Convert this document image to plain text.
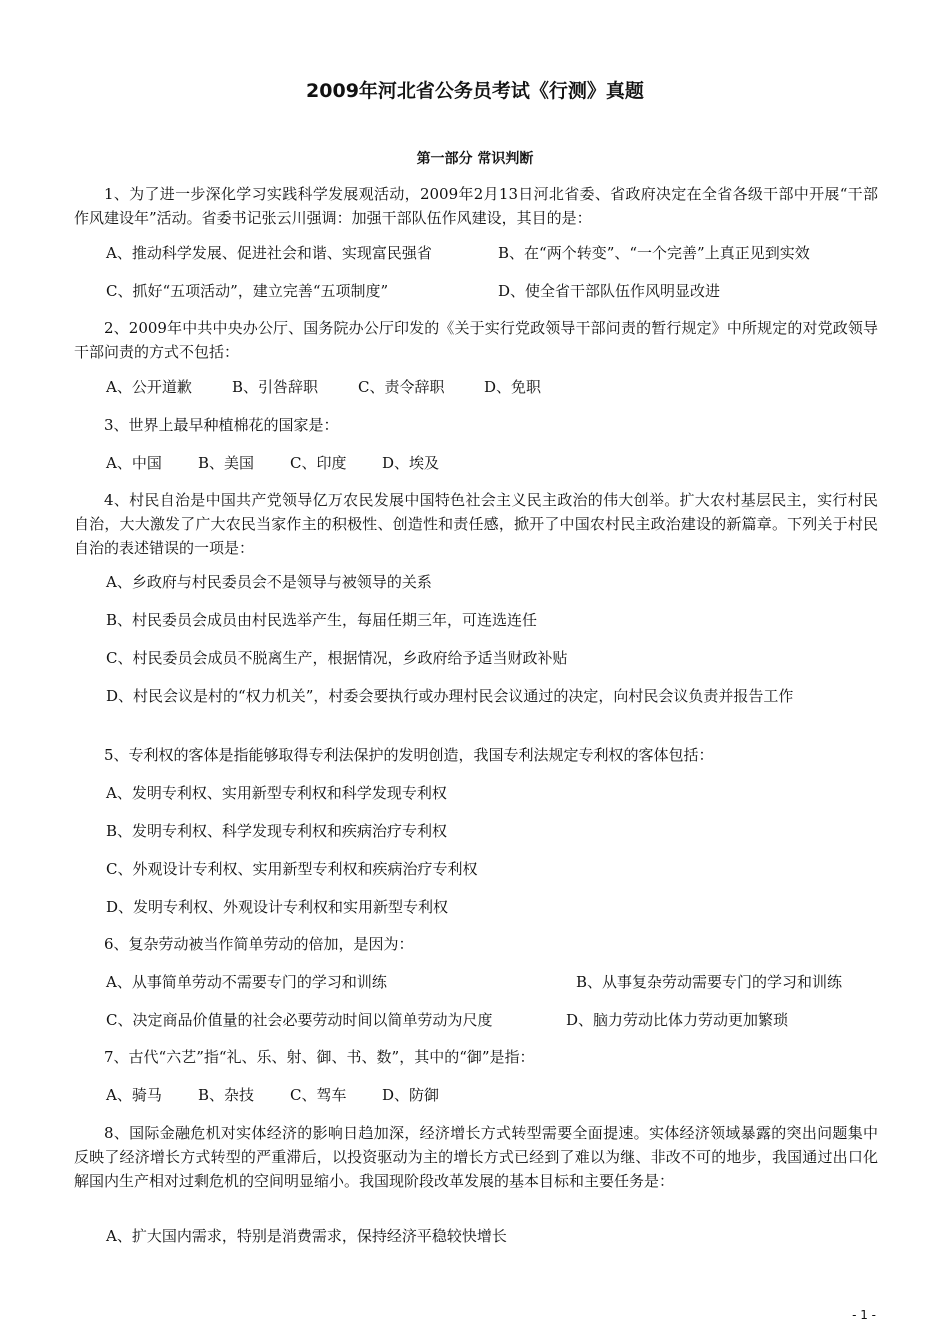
2009年河北省公务员考试《行测》真题
第一部分 常识判断
1、为了进一步深化学习实践科学发展观活动，2009年2月13日河北省委、省政府决定在全省各级干部中开展“干部作风建设年”活动。省委书记张云川强调：加强干部队伍作风建设，其目的是：
A、推动科学发展、促进社会和谐、实现富民强省	B、在“两个转变”、“一个完善”上真正见到实效
C、抓好“五项活动”，建立完善“五项制度”	D、使全省干部队伍作风明显改进
2、2009年中共中央办公厅、国务院办公厅印发的《关于实行党政领导干部问责的暂行规定》中所规定的对党政领导干部问责的方式不包括：
A、公开道歉	B、引咎辞职	C、责令辞职	D、免职
3、世界上最早种植棉花的国家是：
A、中国 B、美国 C、印度 D、埃及
4、村民自治是中国共产党领导亿万农民发展中国特色社会主义民主政治的伟大创举。扩大农村基层民主，实行村民自治，大大激发了广大农民当家作主的积极性、创造性和责任感，掀开了中国农村民主政治建设的新篇章。下列关于村民自治的表述错误的一项是：
A、乡政府与村民委员会不是领导与被领导的关系
B、村民委员会成员由村民选举产生，每届任期三年，可连选连任
C、村民委员会成员不脱离生产，根据情况，乡政府给予适当财政补贴
D、村民会议是村的“权力机关”，村委会要执行或办理村民会议通过的决定，向村民会议负责并报告工作
5、专利权的客体是指能够取得专利法保护的发明创造，我国专利法规定专利权的客体包括：
A、发明专利权、实用新型专利权和科学发现专利权
B、发明专利权、科学发现专利权和疾病治疗专利权
C、外观设计专利权、实用新型专利权和疾病治疗专利权
D、发明专利权、外观设计专利权和实用新型专利权
6、复杂劳动被当作简单劳动的倍加，是因为：
A、从事简单劳动不需要专门的学习和训练	B、从事复杂劳动需要专门的学习和训练
C、决定商品价值量的社会必要劳动时间以简单劳动为尺度	D、脑力劳动比体力劳动更加繁琐
7、古代“六艺”指“礼、乐、射、御、书、数”，其中的“御”是指：
A、骑马 B、杂技 C、驾车 D、防御
8、国际金融危机对实体经济的影响日趋加深，经济增长方式转型需要全面提速。实体经济领域暴露的突出问题集中反映了经济增长方式转型的严重滞后，以投资驱动为主的增长方式已经到了难以为继、非改不可的地步，我国通过出口化解国内生产相对过剩危机的空间明显缩小。我国现阶段改革发展的基本目标和主要任务是：
A、扩大国内需求，特别是消费需求，保持经济平稳较快增长
- 1 -
